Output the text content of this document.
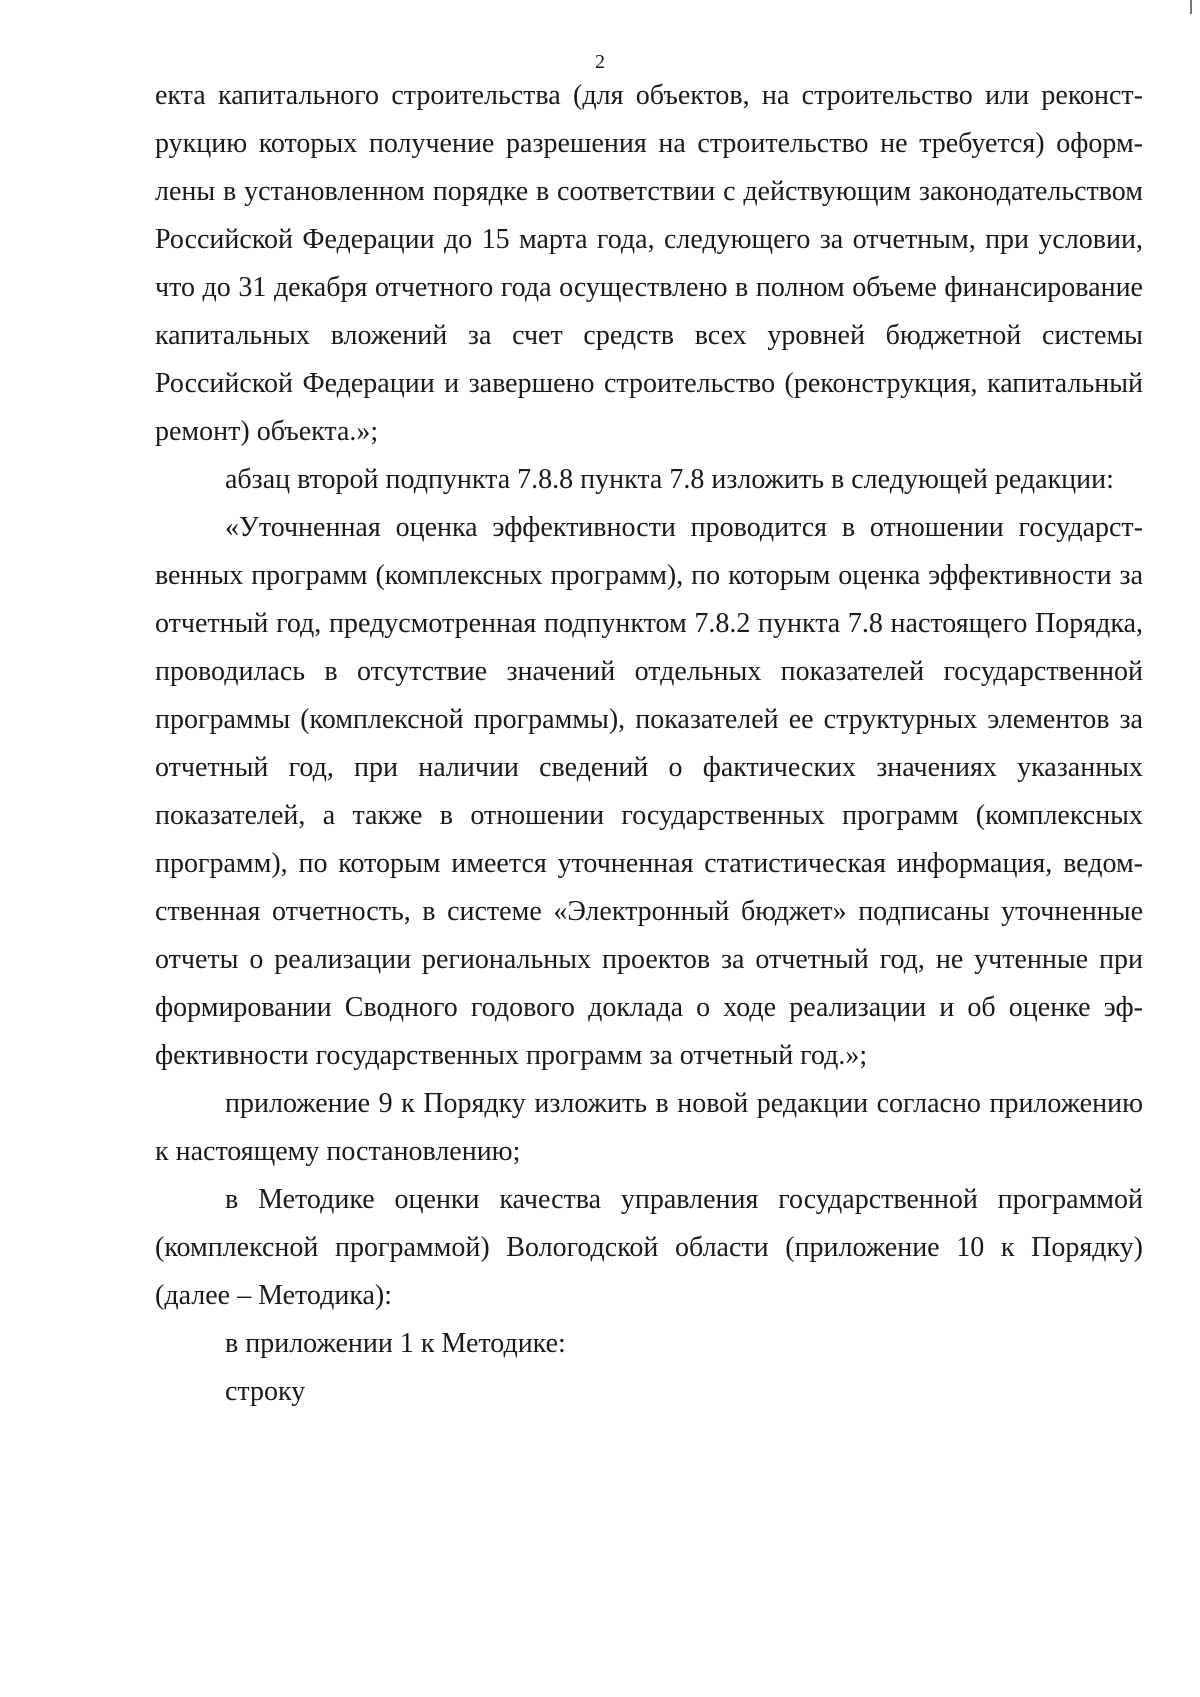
2

екта капитального строительства (для объектов, на строительство или реконструкцию которых получение разрешения на строительство не требуется) оформлены в установленном порядке в соответствии с действующим законодательством Российской Федерации до 15 марта года, следующего за отчетным, при условии, что до 31 декабря отчетного года осуществлено в полном объеме финансирование капитальных вложений за счет средств всех уровней бюджетной системы Российской Федерации и завершено строительство (реконструкция, капитальный ремонт) объекта.»;

абзац второй подпункта 7.8.8 пункта 7.8 изложить в следующей редакции:

«Уточненная оценка эффективности проводится в отношении государственных программ (комплексных программ), по которым оценка эффективности за отчетный год, предусмотренная подпунктом 7.8.2 пункта 7.8 настоящего Порядка, проводилась в отсутствие значений отдельных показателей государственной программы (комплексной программы), показателей ее структурных элементов за отчетный год, при наличии сведений о фактических значениях указанных показателей, а также в отношении государственных программ (комплексных программ), по которым имеется уточненная статистическая информация, ведомственная отчетность, в системе «Электронный бюджет» подписаны уточненные отчеты о реализации региональных проектов за отчетный год, не учтенные при формировании Сводного годового доклада о ходе реализации и об оценке эффективности государственных программ за отчетный год.»;

приложение 9 к Порядку изложить в новой редакции согласно приложению к настоящему постановлению;

в Методике оценки качества управления государственной программой (комплексной программой) Вологодской области (приложение 10 к Порядку) (далее – Методика):

в приложении 1 к Методике:

строку
